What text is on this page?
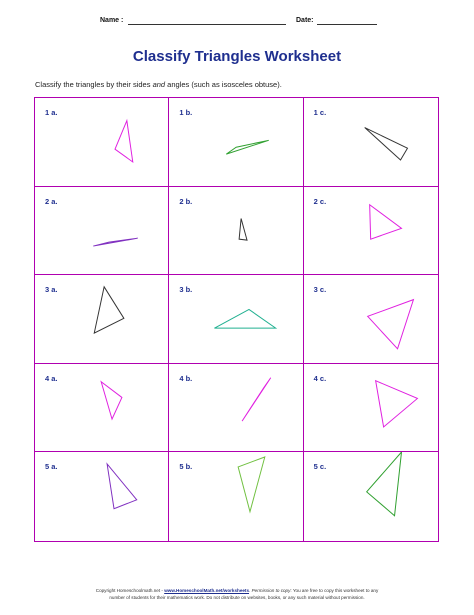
Name :	Date:
Classify Triangles Worksheet
Classify the triangles by their sides and angles (such as isosceles obtuse).
1 a.	1 b.	1 c.
2 a.	2 b.	2 c.
3 a.	3 b.	3 c.
4 a.	4 b.	4 c.
5 a.	5 b.	5 c.
Copyright Homeschoolmath.net - www.HomeschoolMath.net/worksheets. Permission to copy: You are free to copy this worksheet to any
number of students for their mathematics work. Do not distribute on websites, books, or any such material without permission.
